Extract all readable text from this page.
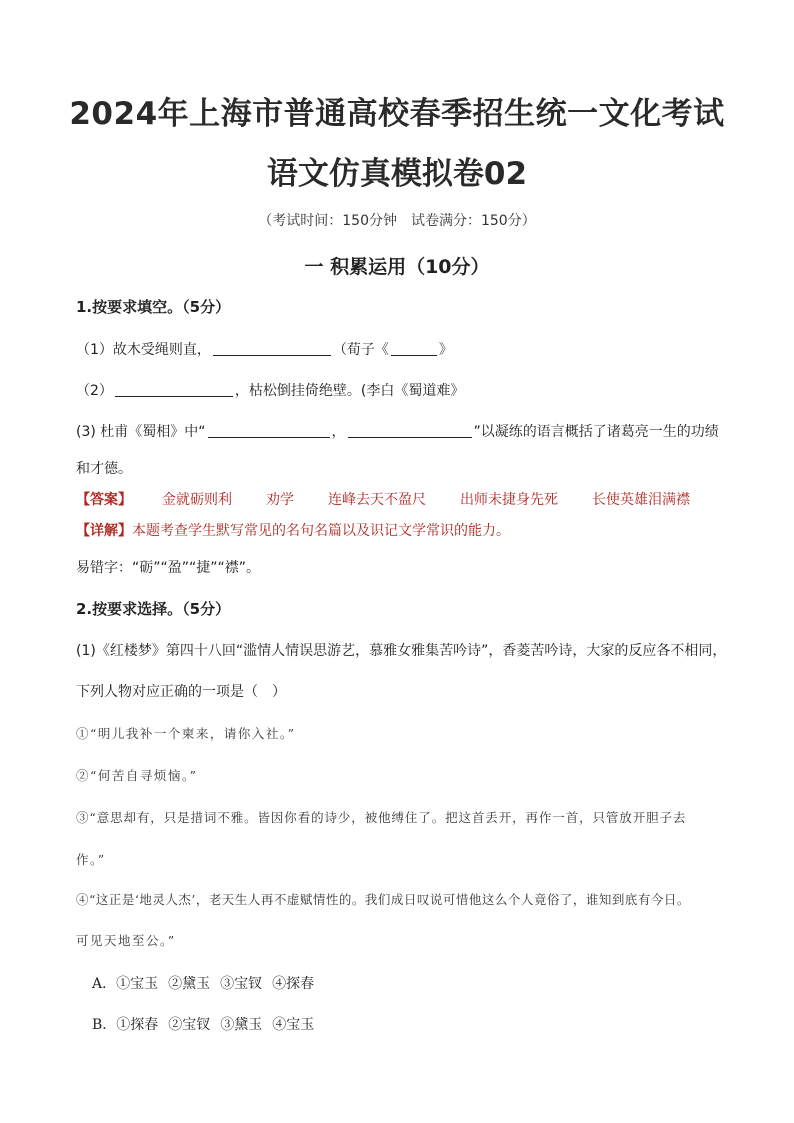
2024年上海市普通高校春季招生统一文化考试
语文仿真模拟卷02
（考试时间：150分钟　试卷满分：150分）
一 积累运用（10分）
1.按要求填空。（5分）
（1）故木受绳则直，	（荀子《	》
（2）	，枯松倒挂倚绝壁。(李白《蜀道难》
(3) 杜甫《蜀相》中“	，	”以凝练的语言概括了诸葛亮一生的功绩
和才德。
【答案】 金就砺则利 劝学 连峰去天不盈尺 出师未捷身先死 长使英雄泪满襟
【详解】本题考查学生默写常见的名句名篇以及识记文学常识的能力。
易错字：“砺”“盈”“捷”“襟”。
2.按要求选择。（5分）
(1)《红楼梦》第四十八回“滥情人情误思游艺，慕雅女雅集苦吟诗”，香菱苦吟诗，大家的反应各不相同，
下列人物对应正确的一项是（　）
①“明儿我补一个柬来，请你入社。”
②“何苦自寻烦恼。”
③“意思却有，只是措词不雅。皆因你看的诗少，被他缚住了。把这首丢开，再作一首，只管放开胆子去
作。”
④“这正是‘地灵人杰’，老天生人再不虚赋情性的。我们成日叹说可惜他这么个人竟俗了，谁知到底有今日。
可见天地至公。”
A．①宝玉 ②黛玉 ③宝钗 ④探春
B．①探春 ②宝钗 ③黛玉 ④宝玉
